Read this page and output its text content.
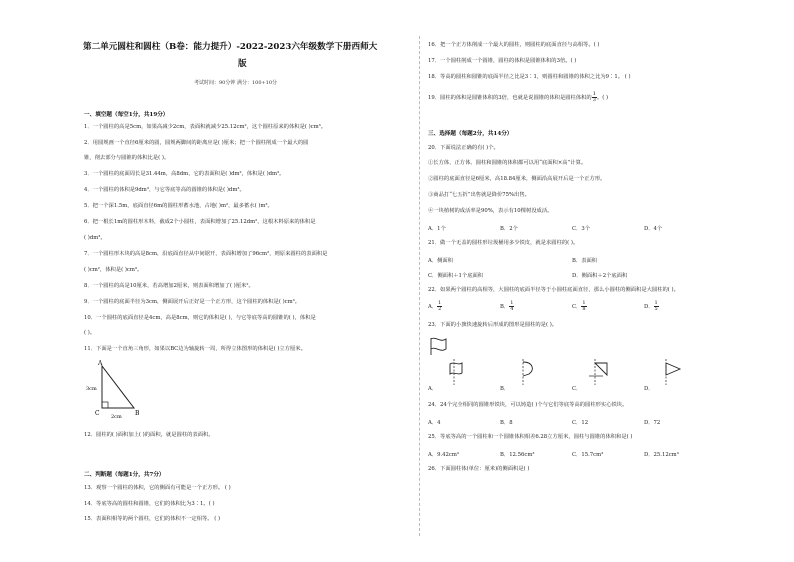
第二单元圆柱和圆柱（B卷：能力提升）-2022-2023六年级数学下册西师大
版
考试时间：90分钟 满分：100+10分
一、填空题（每空1分，共19分）
1．一个圆柱的高是5cm，如果高减少2cm，表面积就减少25.12cm²，这个圆柱原来的体积是( )cm³。
2．用圆规画一个直径6厘米的圆，圆规两脚间的距离应是( )厘米；把一个圆柱削成一个最大的圆
锥，削去部分与圆锥的体积比是( )。
3．一个圆柱的底面周长是31.44m，高8dm，它的表面积是( )dm²，体积是( )dm³。
4．一个圆柱的体积是9dm³，与它等底等高的圆锥的体积是( )dm³。
5．把一个深1.5m，底面直径6m的圆柱形蓄水池，占地( )m²，最多蓄水( )m³。
6．把一根长1m的圆柱形木料，截成2个小圆柱，表面积增加了25.12dm²，这根木料原来的体积是
( )dm³。
7．一个圆柱形木块的高是8cm，沿底面直径从中间锯开，表面积增加了96cm²，则原来圆柱的表面积是
( )cm²，体积是( )cm³。
8．一个圆柱的高是10厘米，若高增加2厘米，则表面积增加了( )厘米²。
9．一个圆柱的底面半径为3cm，侧面展开后正好是一个正方形，这个圆柱的体积是( )cm³。
10．一个圆柱的底面直径是4cm，高是8cm，则它的体积是( )，与它等底等高的圆锥的( )，体积是
( )。
11．下面是一个直角三角形，如果以BC边为轴旋转一周，所得立体图形的体积是( )立方厘米。
A
C	B
3cm
2cm
12．圆柱的( )面积加上( )的面积，就是圆柱的表面积。
二、判断题（每题1分，共7分）
13．观察一个圆柱的体积，它的侧面有可能是一个正方形。 ( )
14．等底等高的圆柱和圆锥，它们的体积比为3∶1。( )
15．表面积相等的两个圆柱，它们的体积不一定相等。 ( )
16．把一个正方体削成一个最大的圆柱，则圆柱的底面直径与高相等。( )
17．一个圆柱削成一个圆锥，圆柱的体积是圆锥体积的3倍。( )
18．等高的圆柱和圆锥的底面半径之比是3∶1，则圆柱和圆锥的体积之比为9∶1。 ( )
19．圆柱的体积是圆锥体积的3倍，也就是说圆锥的体积是圆柱体积的 $\frac{1}{3}$ 。( )
三、选择题（每题2分，共14分）
20．下面说法正确的有( )个。
①长方体、正方体、圆柱和圆锥的体积都可以用“底面积×高”计算。
②圆柱的底面直径是6厘米，高18.84厘米，侧面沿高展开后是一个正方形。
③商品打“七五折”出售就是降价75%出售。
④一块植树的成活率是90%，表示有10棵树没成活。
A．1个	B．2个	C．3个	D．4个
21．做一个无盖的圆柱形垃圾桶用多少铁皮，就是求圆柱的( )。
A．侧面积	B．表面积
C．侧面积＋1个底面积	D．侧面积＋2个底面积
22．如果两个圆柱的高相等，大圆柱的底面半径等于小圆柱底面直径，那么小圆柱的侧面积是大圆柱的( )。
A． $\frac{1}{2}$	B． $\frac{1}{4}$	C． $\frac{1}{8}$	D． $\frac{1}{5}$
23．下面的小旗快速旋转后形成的图形是圆柱的是( )。
A．	B．	C．	D．
24．24个完全相同的圆锥形铁块，可以铸造( )个与它们等底等高的圆柱形实心铁块。
A．4	B．8	C．12	D．72
25．等底等高的一个圆柱和一个圆锥体积相差6.28立方厘米，圆柱与圆锥的体积和是( )
A．9.42cm³	B．12.56cm³	C．15.7cm³	D．25.12cm³
26．下面圆柱体(单位：厘米)的侧面积是( )
